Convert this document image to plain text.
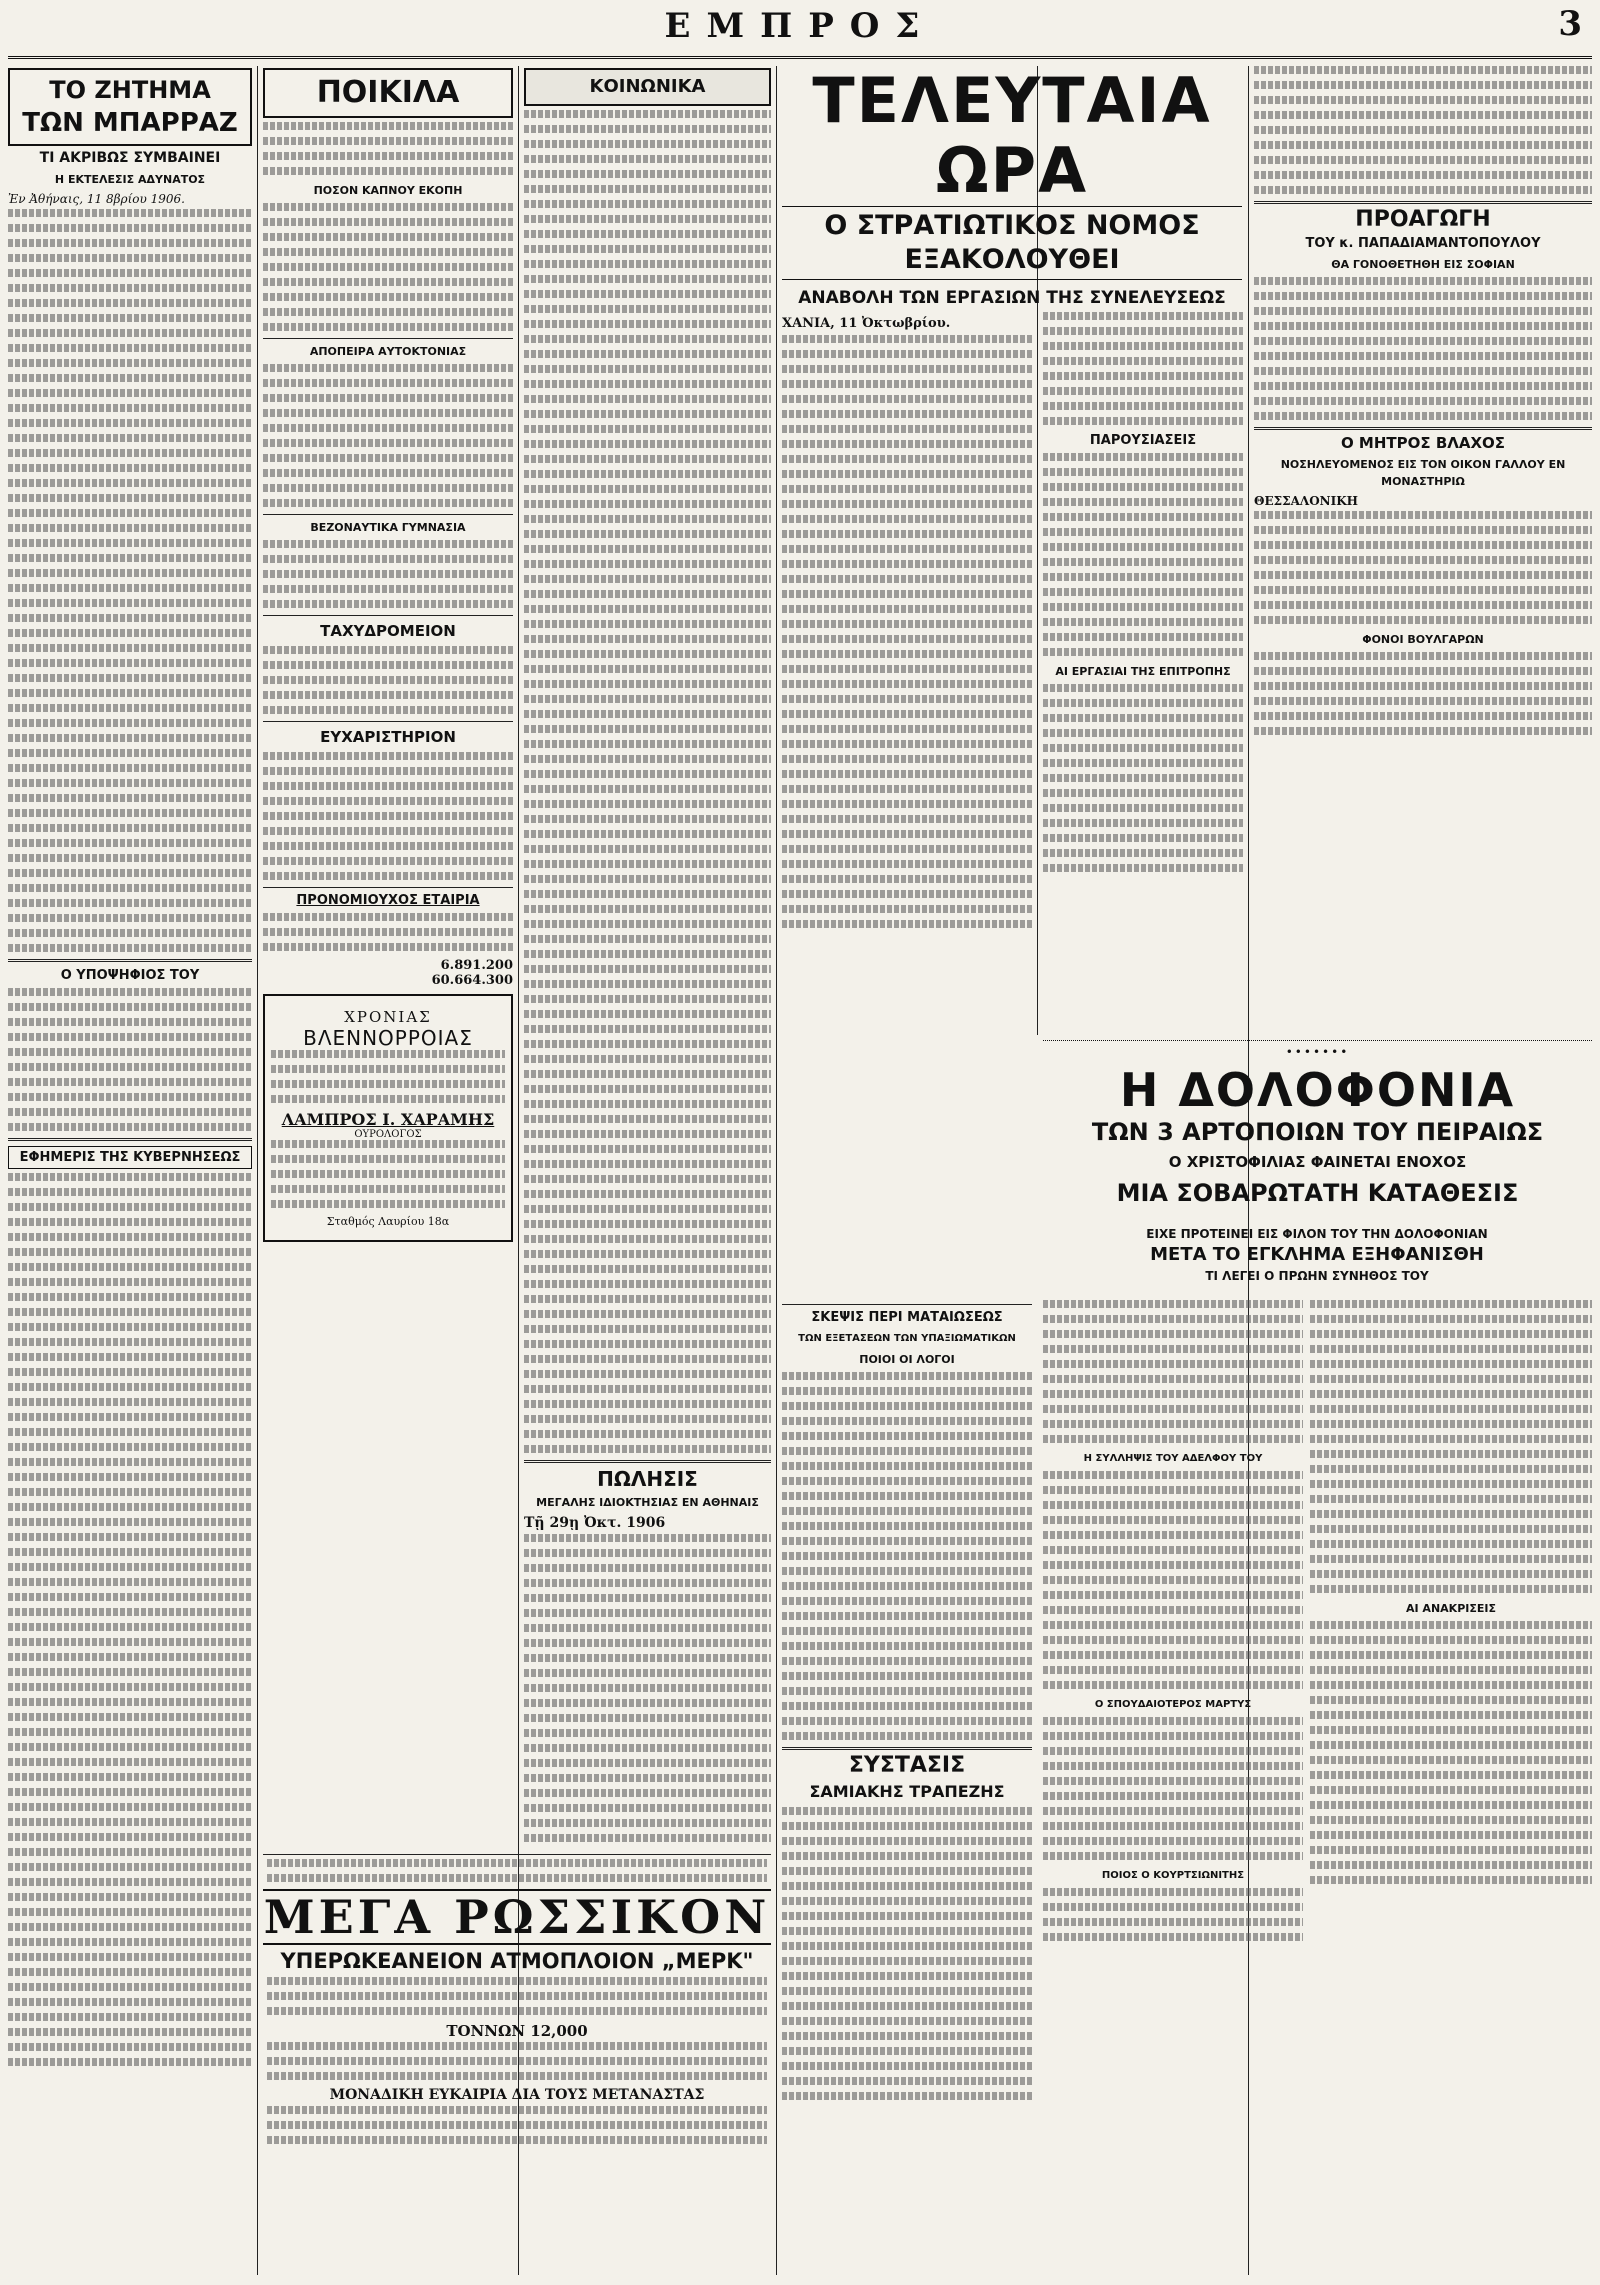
ΕΜΠΡΟΣ	3
ΤΟ ΖΗΤΗΜΑ
ΤΩΝ ΜΠΑΡΡΑΖ
ΤΙ ΑΚΡΙΒΩΣ ΣΥΜΒΑΙΝΕΙ
Η ΕΚΤΕΛΕΣΙΣ ΑΔΥΝΑΤΟΣ
Ἐν Ἀθήναις, 11 8βρίου 1906.
Ο ΥΠΟΨΗΦΙΟΣ ΤΟΥ
ΕΦΗΜΕΡΙΣ ΤΗΣ ΚΥΒΕΡΝΗΣΕΩΣ
ΠΟΙΚΙΛΑ
ΠΟΣΟΝ ΚΑΠΝΟΥ ΕΚΟΠΗ
ΑΠΟΠΕΙΡΑ ΑΥΤΟΚΤΟΝΙΑΣ
ΒΕΖΟΝΑΥΤΙΚΑ ΓΥΜΝΑΣΙΑ
ΤΑΧΥΔΡΟΜΕΙΟΝ
ΕΥΧΑΡΙΣΤΗΡΙΟΝ
ΠΡΟΝΟΜΙΟΥΧΟΣ ΕΤΑΙΡΙΑ
6.891.200
60.664.300
ΧΡΟΝΙΑΣ
ΒΛΕΝΝΟΡΡΟΙΑΣ
ΛΑΜΠΡΟΣ Ι. ΧΑΡΑΜΗΣ
ΟΥΡΟΛΟΓΟΣ
Σταθμός Λαυρίου 18α
ΚΟΙΝΩΝΙΚΑ
ΠΩΛΗΣΙΣ
ΜΕΓΑΛΗΣ ΙΔΙΟΚΤΗΣΙΑΣ ΕΝ ΑΘΗΝΑΙΣ
Τῇ 29ῃ Ὀκτ. 1906
ΜΕΓΑ ΡΩΣΣΙΚΟΝ
ΥΠΕΡΩΚΕΑΝΕΙΟΝ ΑΤΜΟΠΛΟΙΟΝ „ΜΕΡΚ"
ΤΟΝΝΩΝ 12,000
ΜΟΝΑΔΙΚΗ ΕΥΚΑΙΡΙΑ ΔΙΑ ΤΟΥΣ ΜΕΤΑΝΑΣΤΑΣ
ΤΕΛΕΥΤΑΙΑ ΩΡΑ
Ο ΣΤΡΑΤΙΩΤΙΚΟΣ ΝΟΜΟΣ ΕΞΑΚΟΛΟΥΘΕΙ
ΑΝΑΒΟΛΗ ΤΩΝ ΕΡΓΑΣΙΩΝ ΤΗΣ ΣΥΝΕΛΕΥΣΕΩΣ
ΧΑΝΙΑ, 11 Ὀκτωβρίου.
ΠΑΡΟΥΣΙΑΣΕΙΣ
ΑΙ ΕΡΓΑΣΙΑΙ ΤΗΣ ΕΠΙΤΡΟΠΗΣ
ΠΡΟΑΓΩΓΗ
ΤΟΥ κ. ΠΑΠΑΔΙΑΜΑΝΤΟΠΟΥΛΟΥ
ΘΑ ΓΟΝΟΘΕΤΗΘΗ ΕΙΣ ΣΟΦΙΑΝ
Ο ΜΗΤΡΟΣ ΒΛΑΧΟΣ
ΝΟΣΗΛΕΥΟΜΕΝΟΣ ΕΙΣ ΤΟΝ ΟΙΚΟΝ ΓΑΛΛΟΥ ΕΝ ΜΟΝΑΣΤΗΡΙΩ
ΘΕΣΣΑΛΟΝΙΚΗ
ΦΟΝΟΙ ΒΟΥΛΓΑΡΩΝ
•••••••
Η ΔΟΛΟΦΟΝΙΑ
ΤΩΝ 3 ΑΡΤΟΠΟΙΩΝ ΤΟΥ ΠΕΙΡΑΙΩΣ
Ο ΧΡΙΣΤΟΦΙΛΙΑΣ ΦΑΙΝΕΤΑΙ ΕΝΟΧΟΣ
ΜΙΑ ΣΟΒΑΡΩΤΑΤΗ ΚΑΤΑΘΕΣΙΣ
ΕΙΧΕ ΠΡΟΤΕΙΝΕΙ ΕΙΣ ΦΙΛΟΝ ΤΟΥ ΤΗΝ ΔΟΛΟΦΟΝΙΑΝ
ΜΕΤΑ ΤΟ ΕΓΚΛΗΜΑ ΕΞΗΦΑΝΙΣΘΗ
ΤΙ ΛΕΓΕΙ Ο ΠΡΩΗΝ ΣΥΝΗΘΟΣ ΤΟΥ
ΣΚΕΨΙΣ ΠΕΡΙ ΜΑΤΑΙΩΣΕΩΣ
ΤΩΝ ΕΞΕΤΑΣΕΩΝ ΤΩΝ ΥΠΑΞΙΩΜΑΤΙΚΩΝ
ΠΟΙΟΙ ΟΙ ΛΟΓΟΙ
ΣΥΣΤΑΣΙΣ
ΣΑΜΙΑΚΗΣ ΤΡΑΠΕΖΗΣ
Η ΣΥΛΛΗΨΙΣ ΤΟΥ ΑΔΕΛΦΟΥ ΤΟΥ
Ο ΣΠΟΥΔΑΙΟΤΕΡΟΣ ΜΑΡΤΥΣ
ΠΟΙΟΣ Ο ΚΟΥΡΤΣΙΩΝΙΤΗΣ
ΑΙ ΑΝΑΚΡΙΣΕΙΣ
